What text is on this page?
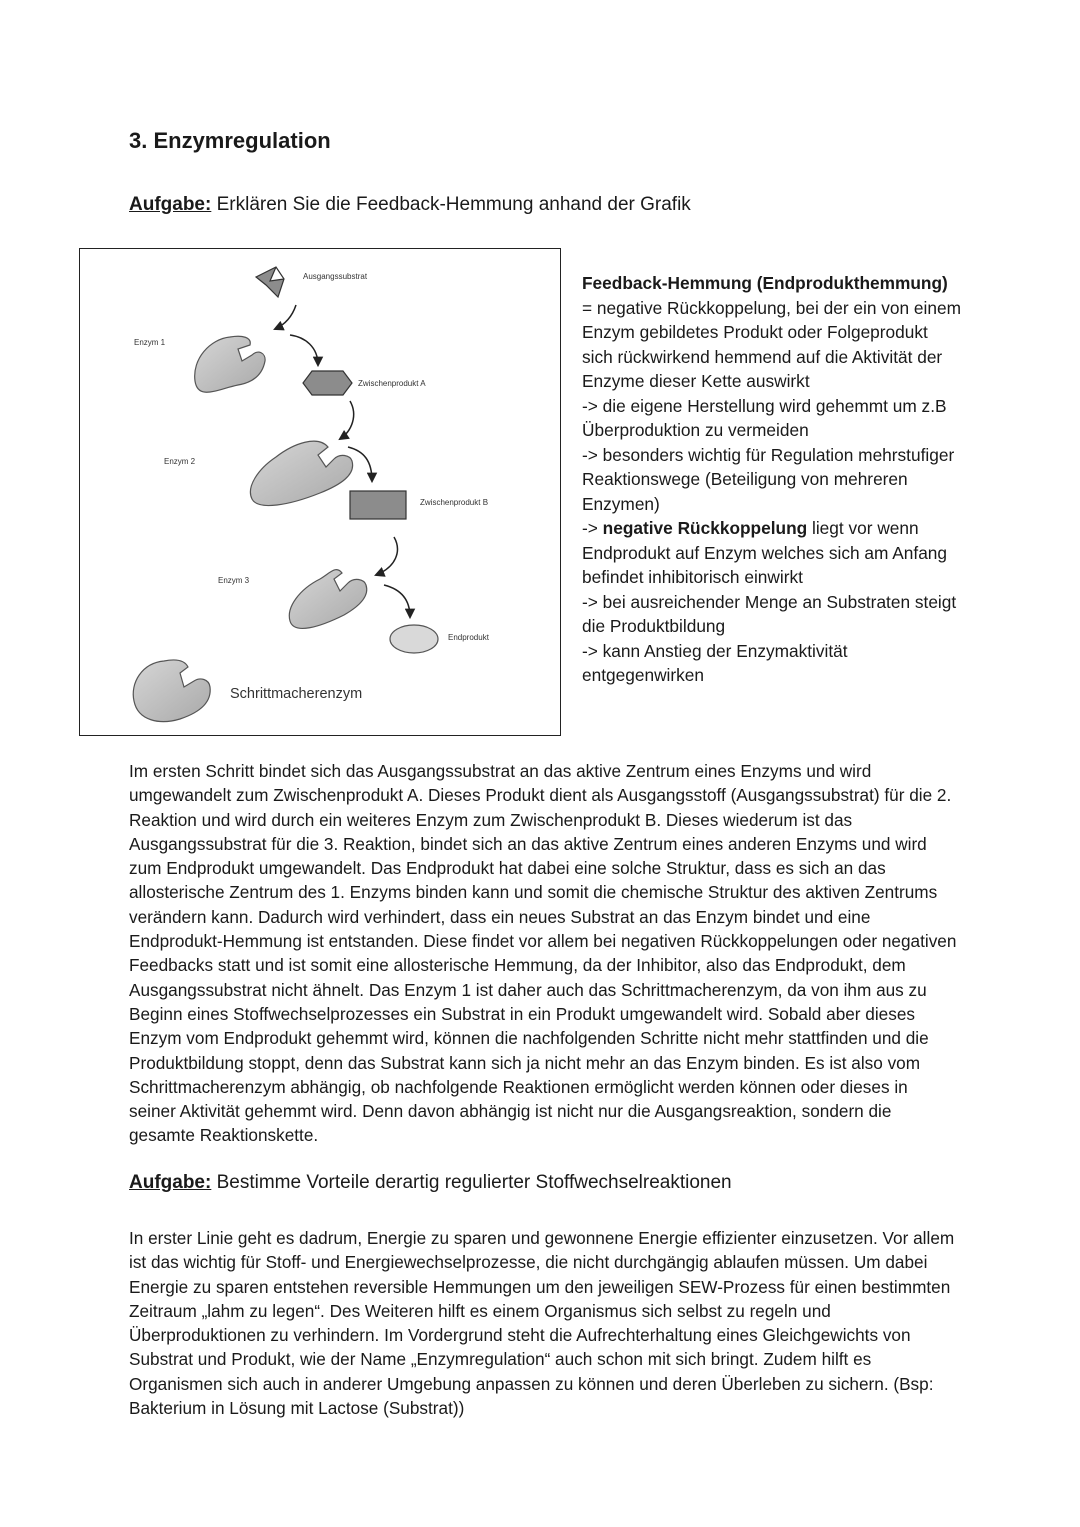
3. Enzymregulation

Aufgabe: Erklären Sie die Feedback-Hemmung anhand der Grafik

Ausgangssubstrat
Enzym 1
Zwischenprodukt A
Enzym 2
Zwischenprodukt B
Enzym 3
Endprodukt
Schrittmacherenzym

Feedback-Hemmung (Endprodukthemmung)

= negative Rückkoppelung, bei der ein von einem Enzym gebildetes Produkt oder Folgeprodukt sich rückwirkend hemmend auf die Aktivität der Enzyme dieser Kette auswirkt

-> die eigene Herstellung wird gehemmt um z.B Überproduktion zu vermeiden

-> besonders wichtig für Regulation mehrstufiger Reaktionswege (Beteiligung von mehreren Enzymen)

-> negative Rückkoppelung liegt vor wenn Endprodukt auf Enzym welches sich am Anfang befindet inhibitorisch einwirkt

-> bei ausreichender Menge an Substraten steigt die Produktbildung

-> kann Anstieg der Enzymaktivität entgegenwirken

Im ersten Schritt bindet sich das Ausgangssubstrat an das aktive Zentrum eines Enzyms und wird umgewandelt zum Zwischenprodukt A. Dieses Produkt dient als Ausgangsstoff (Ausgangssubstrat) für die 2. Reaktion und wird durch ein weiteres Enzym zum Zwischenprodukt B. Dieses wiederum ist das Ausgangssubstrat für die 3. Reaktion, bindet sich an das aktive Zentrum eines anderen Enzyms und wird zum Endprodukt umgewandelt. Das Endprodukt hat dabei eine solche Struktur, dass es sich an das allosterische Zentrum des 1. Enzyms binden kann und somit die chemische Struktur des aktiven Zentrums verändern kann. Dadurch wird verhindert, dass ein neues Substrat an das Enzym bindet und eine Endprodukt-Hemmung ist entstanden. Diese findet vor allem bei negativen Rückkoppelungen oder negativen Feedbacks statt und ist somit eine allosterische Hemmung, da der Inhibitor, also das Endprodukt, dem Ausgangssubstrat nicht ähnelt. Das Enzym 1 ist daher auch das Schrittmacherenzym, da von ihm aus zu Beginn eines Stoffwechselprozesses ein Substrat in ein Produkt umgewandelt wird. Sobald aber dieses Enzym vom Endprodukt gehemmt wird, können die nachfolgenden Schritte nicht mehr stattfinden und die Produktbildung stoppt, denn das Substrat kann sich ja nicht mehr an das Enzym binden. Es ist also vom Schrittmacherenzym abhängig, ob nachfolgende Reaktionen ermöglicht werden können oder dieses in seiner Aktivität gehemmt wird. Denn davon abhängig ist nicht nur die Ausgangsreaktion, sondern die gesamte Reaktionskette.

Aufgabe: Bestimme Vorteile derartig regulierter Stoffwechselreaktionen

In erster Linie geht es dadrum, Energie zu sparen und gewonnene Energie effizienter einzusetzen. Vor allem ist das wichtig für Stoff- und Energiewechselprozesse, die nicht durchgängig ablaufen müssen. Um dabei Energie zu sparen entstehen reversible Hemmungen um den jeweiligen SEW-Prozess für einen bestimmten Zeitraum „lahm zu legen“. Des Weiteren hilft es einem Organismus sich selbst zu regeln und Überproduktionen zu verhindern. Im Vordergrund steht die Aufrechterhaltung eines Gleichgewichts von Substrat und Produkt, wie der Name „Enzymregulation“ auch schon mit sich bringt. Zudem hilft es Organismen sich auch in anderer Umgebung anpassen zu können und deren Überleben zu sichern. (Bsp: Bakterium in Lösung mit Lactose (Substrat))
